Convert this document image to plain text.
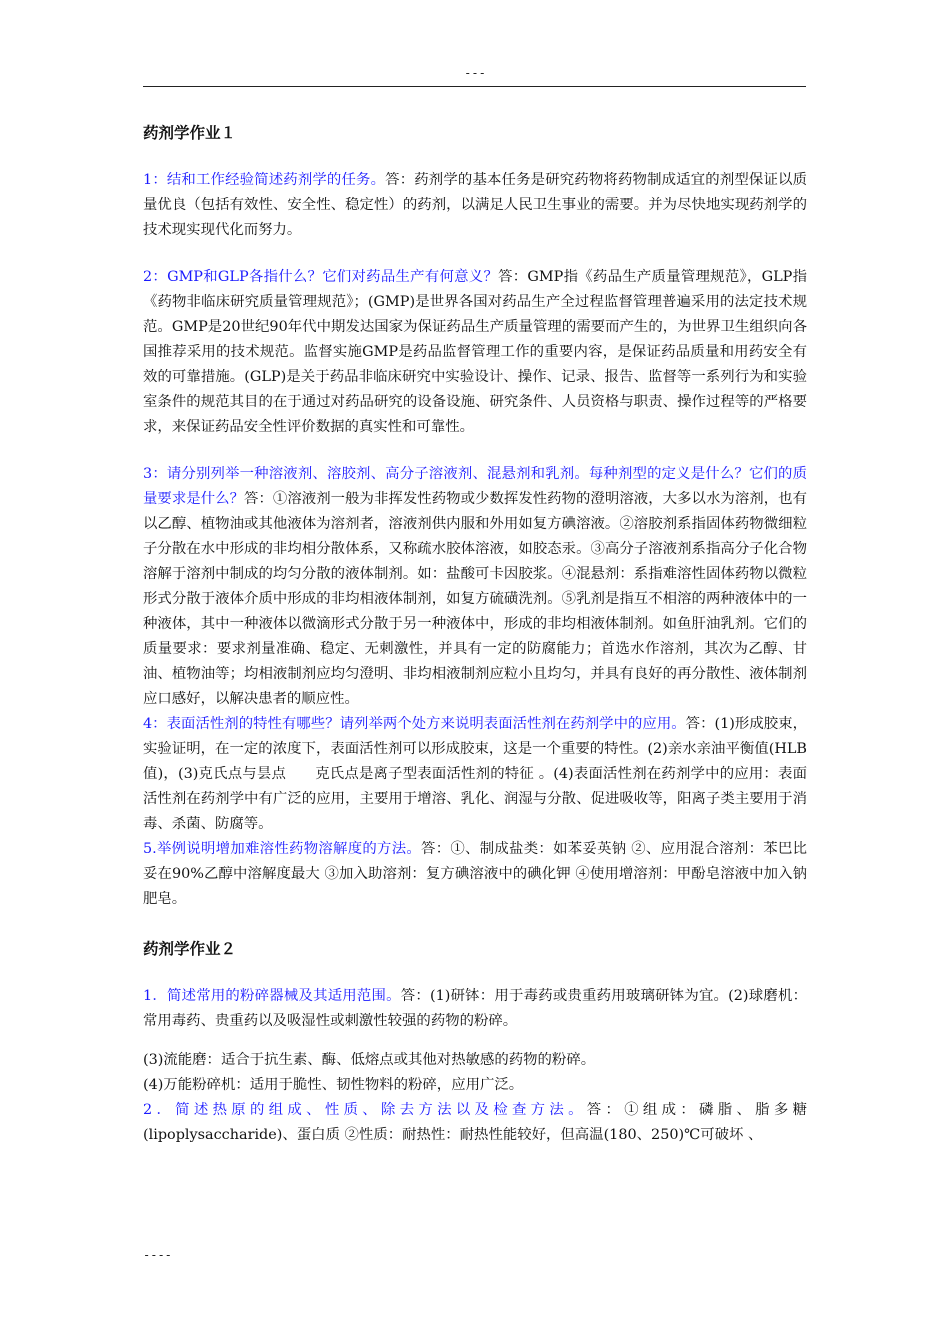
---
药剂学作业１

1：结和工作经验简述药剂学的任务。答：药剂学的基本任务是研究药物将药物制成适宜的剂型保证以质量优良（包括有效性、安全性、稳定性）的药剂，以满足人民卫生事业的需要。并为尽快地实现药剂学的技术现实现代化而努力。

2：GMP和GLP各指什么？它们对药品生产有何意义？答：GMP指《药品生产质量管理规范》，GLP指《药物非临床研究质量管理规范》；(GMP)是世界各国对药品生产全过程监督管理普遍采用的法定技术规范。GMP是20世纪90年代中期发达国家为保证药品生产质量管理的需要而产生的，为世界卫生组织向各国推荐采用的技术规范。监督实施GMP是药品监督管理工作的重要内容，是保证药品质量和用药安全有效的可靠措施。(GLP)是关于药品非临床研究中实验设计、操作、记录、报告、监督等一系列行为和实验室条件的规范其目的在于通过对药品研究的设备设施、研究条件、人员资格与职责、操作过程等的严格要求，来保证药品安全性评价数据的真实性和可靠性。

3：请分别列举一种溶液剂、溶胶剂、高分子溶液剂、混悬剂和乳剂。每种剂型的定义是什么？它们的质量要求是什么？答：①溶液剂一般为非挥发性药物或少数挥发性药物的澄明溶液，大多以水为溶剂，也有以乙醇、植物油或其他液体为溶剂者，溶液剂供内服和外用如复方碘溶液。②溶胶剂系指固体药物微细粒子分散在水中形成的非均相分散体系，又称疏水胶体溶液，如胶态汞。③高分子溶液剂系指高分子化合物溶解于溶剂中制成的均匀分散的液体制剂。如：盐酸可卡因胶浆。④混悬剂：系指难溶性固体药物以微粒形式分散于液体介质中形成的非均相液体制剂，如复方硫磺洗剂。⑤乳剂是指互不相溶的两种液体中的一种液体，其中一种液体以微滴形式分散于另一种液体中，形成的非均相液体制剂。如鱼肝油乳剂。它们的质量要求：要求剂量准确、稳定、无刺激性，并具有一定的防腐能力；首选水作溶剂，其次为乙醇、甘油、植物油等；均相液制剂应均匀澄明、非均相液制剂应粒小且均匀，并具有良好的再分散性、液体制剂应口感好，以解决患者的顺应性。

4：表面活性剂的特性有哪些？请列举两个处方来说明表面活性剂在药剂学中的应用。答：(1)形成胶束，实验证明，在一定的浓度下，表面活性剂可以形成胶束，这是一个重要的特性。(2)亲水亲油平衡值(HLB值)，(3)克氏点与昙点　　克氏点是离子型表面活性剂的特征 。(4)表面活性剂在药剂学中的应用：表面活性剂在药剂学中有广泛的应用，主要用于增溶、乳化、润湿与分散、促进吸收等，阳离子类主要用于消毒、杀菌、防腐等。

5.举例说明增加难溶性药物溶解度的方法。答：①、制成盐类：如苯妥英钠 ②、应用混合溶剂：苯巴比妥在90%乙醇中溶解度最大 ③加入助溶剂：复方碘溶液中的碘化钾 ④使用增溶剂：甲酚皂溶液中加入钠肥皂。

药剂学作业２

1．简述常用的粉碎器械及其适用范围。答：(1)研钵：用于毒药或贵重药用玻璃研钵为宜。(2)球磨机：常用毒药、贵重药以及吸湿性或刺激性较强的药物的粉碎。

(3)流能磨：适合于抗生素、酶、低熔点或其他对热敏感的药物的粉碎。

(4)万能粉碎机：适用于脆性、韧性物料的粉碎，应用广泛。

2．简述热原的组成、性质、除去方法以及检查方法。答：①组成：磷脂、脂多糖(lipoplysaccharide)、蛋白质 ②性质：耐热性：耐热性能较好，但高温(180、250)℃可破坏 、

----
